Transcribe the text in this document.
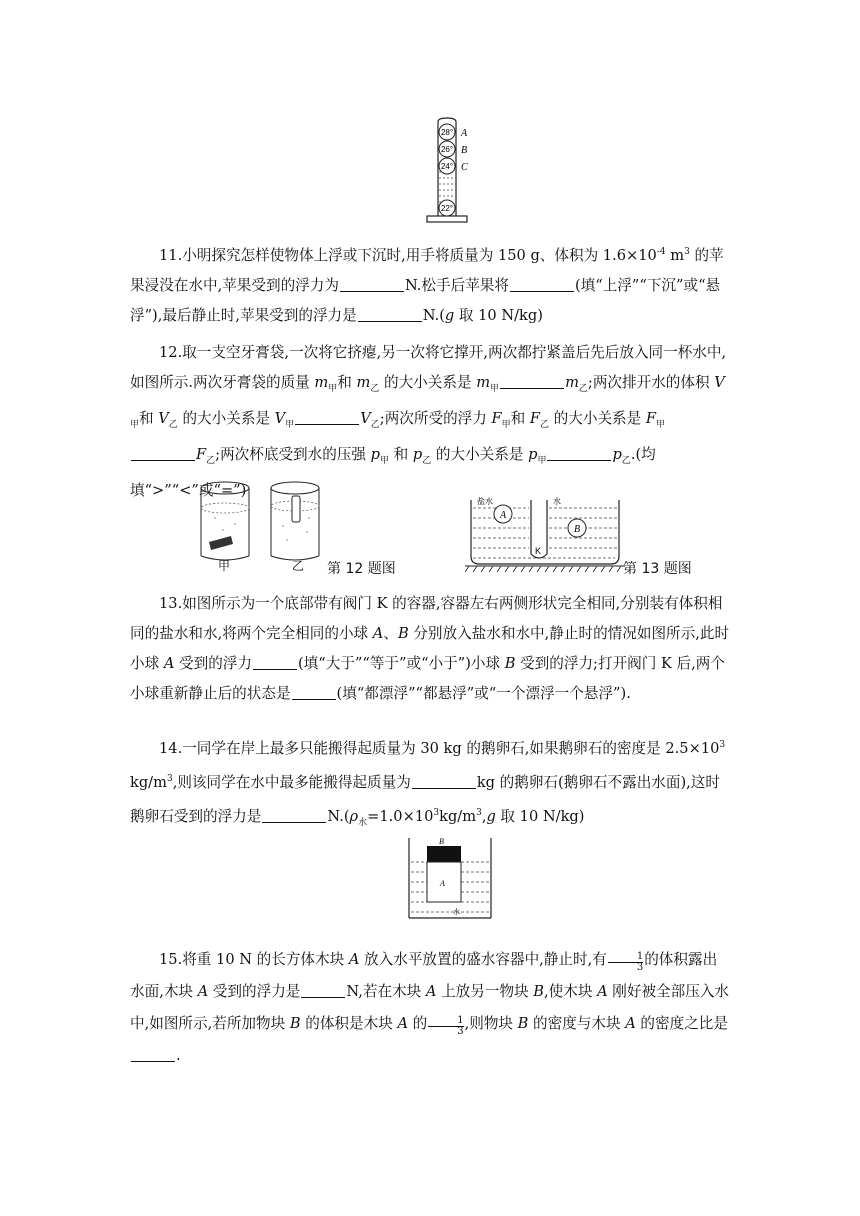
28°
26°
24°
22°
A
B
C

11.小明探究怎样使物体上浮或下沉时,用手将质量为 150 g、体积为 $1.6\times 10^{-4}$ $m^3$ 的苹果浸没在水中,苹果受到的浮力为	N.松手后苹果将	(填“上浮”“下沉”或“悬浮”),最后静止时,苹果受到的浮力是	N.(g 取 10 N/kg)

12.取一支空牙膏袋,一次将它挤瘪,另一次将它撑开,两次都拧紧盖后先后放入同一杯水中,如图所示.两次牙膏袋的质量 $m_甲$和 $m_乙$ 的大小关系是 $m_甲$	$m_乙$;两次排开水的体积 $V_甲$和 $V_乙$ 的大小关系是 $V_甲$	$V_乙$;两次所受的浮力 $F_甲$和 $F_乙$ 的大小关系是 $F_甲F_乙$;两次杯底受到水的压强 $p_甲$ 和 $p_乙$ 的大小关系是 $p_甲$	$p_乙$.(均填“>”“<”或“=”)

甲	乙 第 12 题图
A
B
盐水	水
K
第 13 题图

13.如图所示为一个底部带有阀门 K 的容器,容器左右两侧形状完全相同,分别装有体积相同的盐水和水,将两个完全相同的小球 A、B 分别放入盐水和水中,静止时的情况如图所示,此时小球 A 受到的浮力	(填“大于”“等于”或“小于”)小球 B 受到的浮力;打开阀门 K 后,两个小球重新静止后的状态是	(填“都漂浮”“都悬浮”或“一个漂浮一个悬浮”).

14.一同学在岸上最多只能搬得起质量为 30 kg 的鹅卵石,如果鹅卵石的密度是 $2.5\times 10^3$ $kg/m^3$,则该同学在水中最多能搬得起质量为	kg 的鹅卵石(鹅卵石不露出水面),这时鹅卵石受到的浮力是	$N.(\rho_水=1.0\times 10^3kg/m^3,g$ 取 10 N/kg)

B
A
水

15.将重 10 N 的长方体木块 A 放入水平放置的盛水容器中,静止时,有 $\frac{1}{3}$ 的体积露出水面,木块 A 受到的浮力是	N,若在木块 A 上放另一物块 B,使木块 A 刚好被全部压入水中,如图所示,若所加物块 B 的体积是木块 A 的 $\frac{1}{3}$ ,则物块 B 的密度与木块 A 的密度之比是.
